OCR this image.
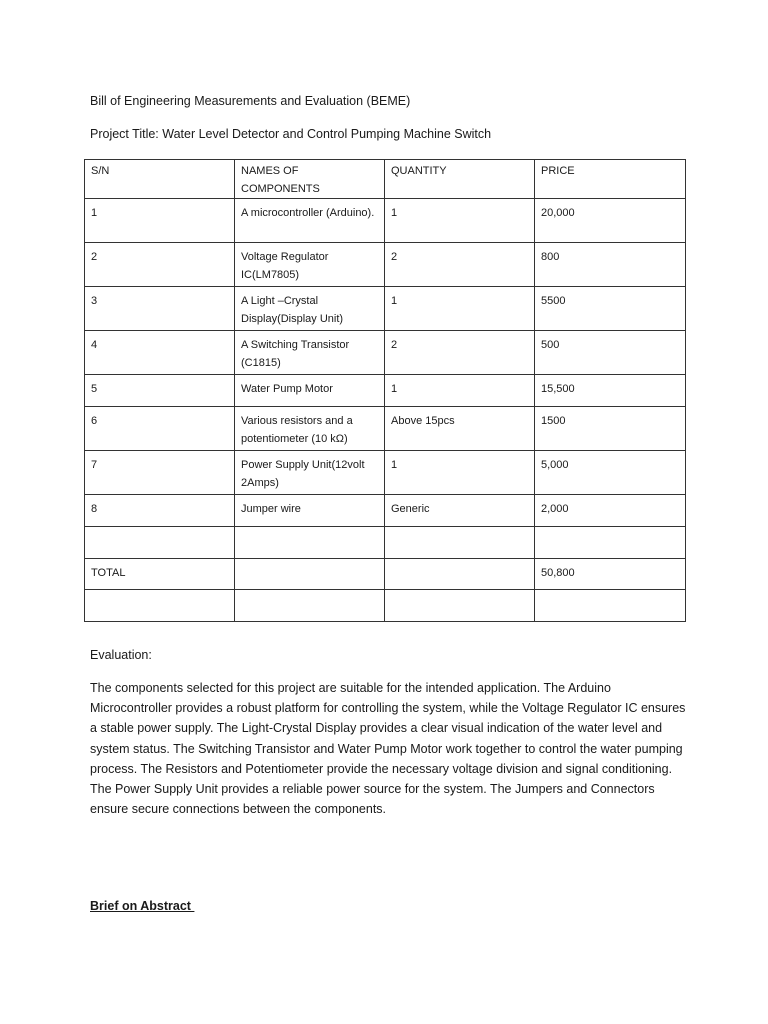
Bill of Engineering Measurements and Evaluation (BEME)
Project Title: Water Level Detector and Control Pumping Machine Switch
S/N	NAMES OF COMPONENTS	QUANTITY	PRICE
1	A microcontroller (Arduino).	1	20,000
2	Voltage Regulator IC(LM7805)	2	800
3	A Light –Crystal Display(Display Unit)	1	5500
4	A Switching Transistor (C1815)	2	500
5	Water Pump Motor	1	15,500
6	Various resistors and a potentiometer (10 kΩ)	Above 15pcs	1500
7	Power Supply Unit(12volt 2Amps)	1	5,000
8	Jumper wire	Generic	2,000

TOTAL			50,800

Evaluation:
The components selected for this project are suitable for the intended application. The Arduino Microcontroller provides a robust platform for controlling the system, while the Voltage Regulator IC ensures a stable power supply. The Light-Crystal Display provides a clear visual indication of the water level and system status. The Switching Transistor and Water Pump Motor work together to control the water pumping process. The Resistors and Potentiometer provide the necessary voltage division and signal conditioning. The Power Supply Unit provides a reliable power source for the system. The Jumpers and Connectors ensure secure connections between the components.
Brief on Abstract
